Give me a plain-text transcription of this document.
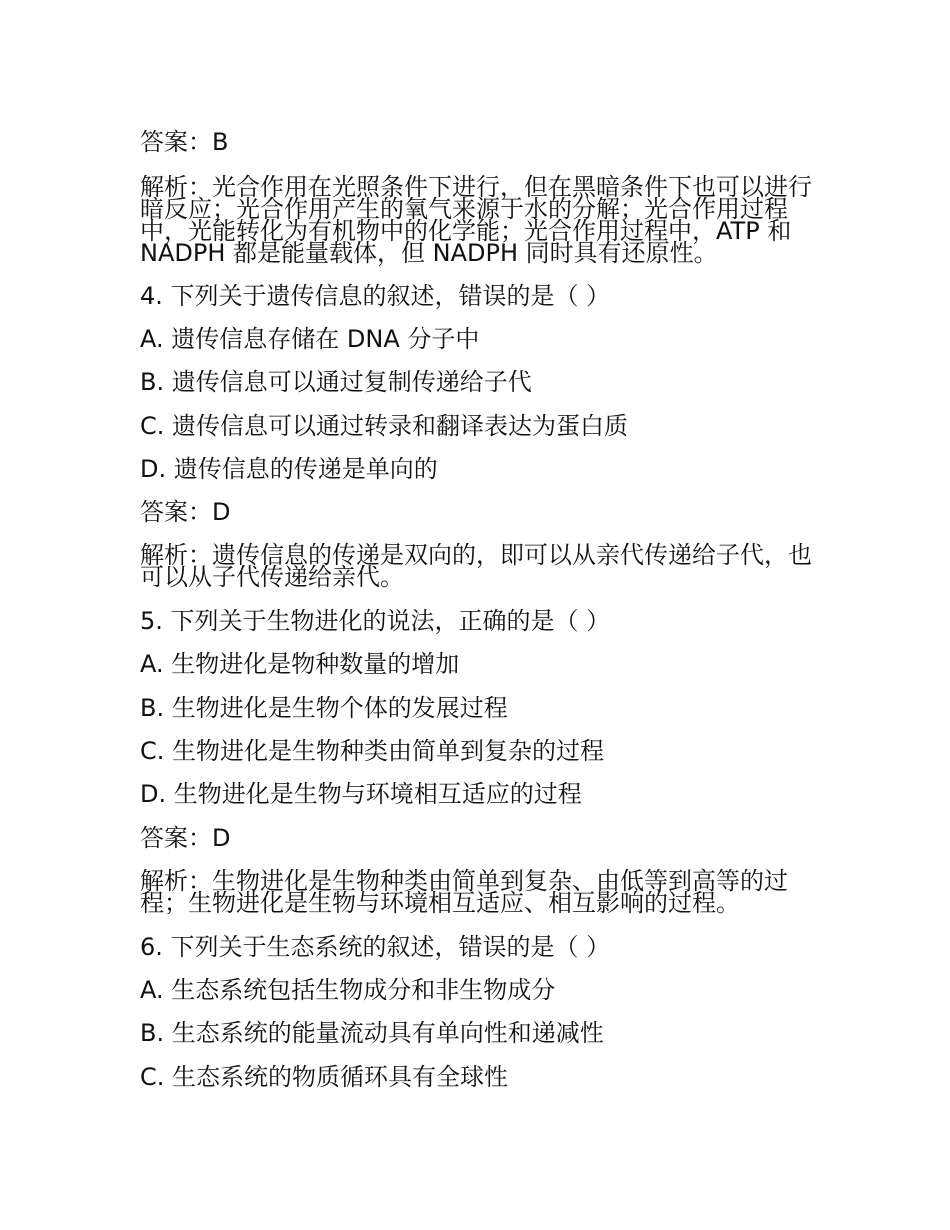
答案：B
解析：光合作用在光照条件下进行，但在黑暗条件下也可以进行暗反应；光合作用产生的氧气来源于水的分解；光合作用过程中，光能转化为有机物中的化学能；光合作用过程中，ATP 和 NADPH 都是能量载体，但 NADPH 同时具有还原性。
4. 下列关于遗传信息的叙述，错误的是（ ）
A. 遗传信息存储在 DNA 分子中
B. 遗传信息可以通过复制传递给子代
C. 遗传信息可以通过转录和翻译表达为蛋白质
D. 遗传信息的传递是单向的
答案：D
解析：遗传信息的传递是双向的，即可以从亲代传递给子代，也可以从子代传递给亲代。
5. 下列关于生物进化的说法，正确的是（ ）
A. 生物进化是物种数量的增加
B. 生物进化是生物个体的发展过程
C. 生物进化是生物种类由简单到复杂的过程
D. 生物进化是生物与环境相互适应的过程
答案：D
解析：生物进化是生物种类由简单到复杂、由低等到高等的过程；生物进化是生物与环境相互适应、相互影响的过程。
6. 下列关于生态系统的叙述，错误的是（ ）
A. 生态系统包括生物成分和非生物成分
B. 生态系统的能量流动具有单向性和递减性
C. 生态系统的物质循环具有全球性
